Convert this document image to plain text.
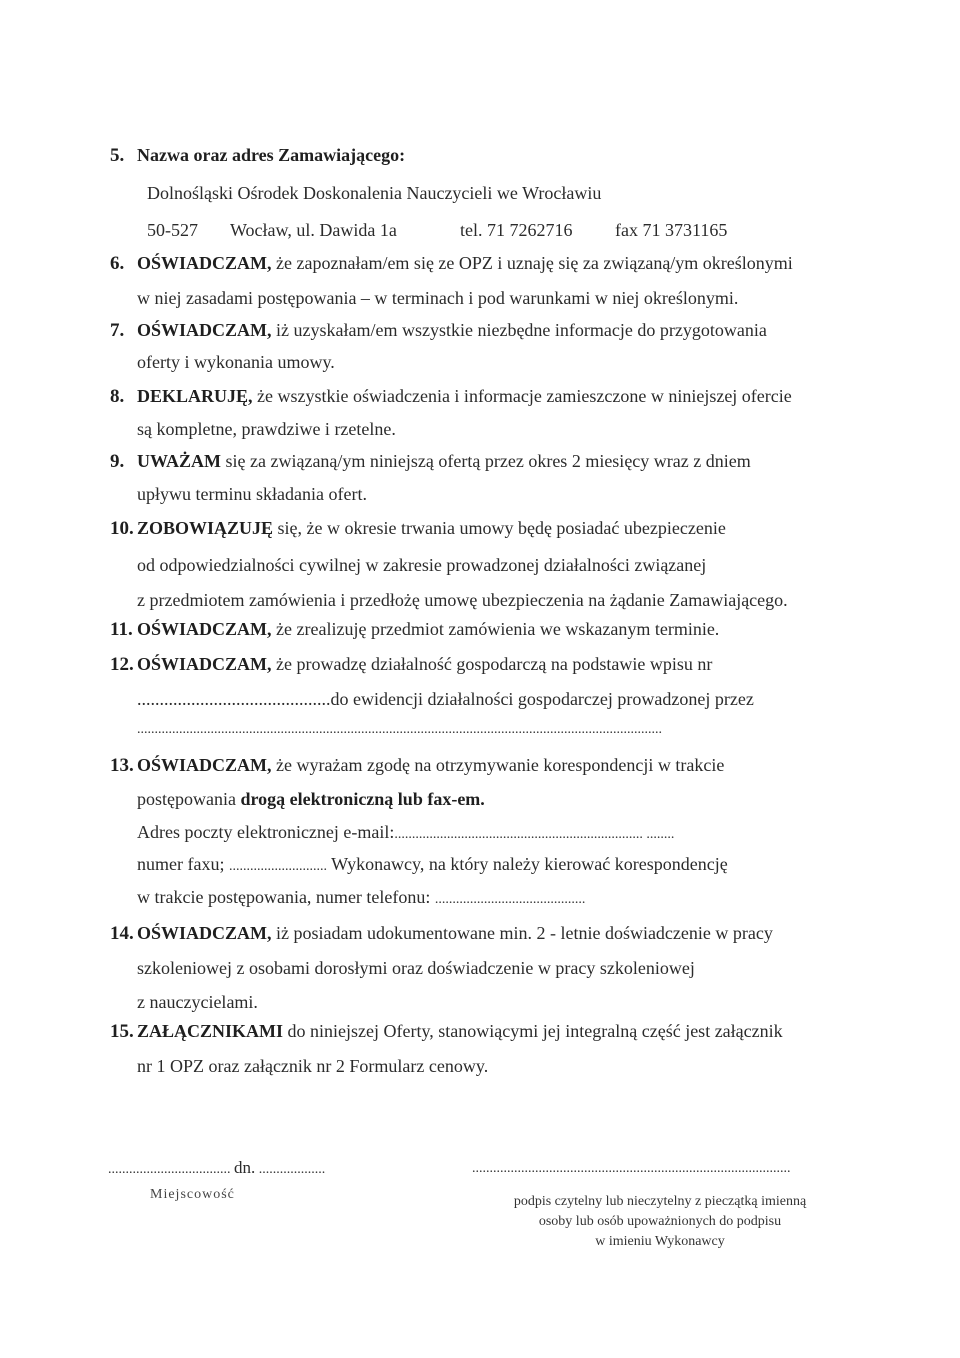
5. Nazwa oraz adres Zamawiającego:
Dolnośląski Ośrodek Doskonalenia Nauczycieli we Wrocławiu
50-527 Wocław, ul. Dawida 1a	tel. 71 7262716 fax 71 3731165
6. OŚWIADCZAM, że zapoznałam/em się ze OPZ i uznaję się za związaną/ym określonymi
w niej zasadami postępowania – w terminach i pod warunkami w niej określonymi.
7. OŚWIADCZAM, iż uzyskałam/em wszystkie niezbędne informacje do przygotowania
oferty i wykonania umowy.
8. DEKLARUJĘ, że wszystkie oświadczenia i informacje zamieszczone w niniejszej ofercie
są kompletne, prawdziwe i rzetelne.
9. UWAŻAM się za związaną/ym niniejszą ofertą przez okres 2 miesięcy wraz z dniem
upływu terminu składania ofert.
10. ZOBOWIĄZUJĘ się, że w okresie trwania umowy będę posiadać ubezpieczenie
od odpowiedzialności cywilnej w zakresie prowadzonej działalności związanej
z przedmiotem zamówienia i przedłożę umowę ubezpieczenia na żądanie Zamawiającego.
11. OŚWIADCZAM, że zrealizuję przedmiot zamówienia we wskazanym terminie.
12. OŚWIADCZAM, że prowadzę działalność gospodarczą na podstawie wpisu nr
...........................................do ewidencji działalności gospodarczej prowadzonej przez
......................................................................................................................................................
13. OŚWIADCZAM, że wyrażam zgodę na otrzymywanie korespondencji w trakcie
postępowania drogą elektroniczną lub fax-em.
Adres poczty elektronicznej e-mail:....................................................................... ........
numer faxu; ............................ Wykonawcy, na który należy kierować korespondencję
w trakcie postępowania, numer telefonu: ...........................................
14. OŚWIADCZAM, iż posiadam udokumentowane min. 2 - letnie doświadczenie w pracy
szkoleniowej z osobami dorosłymi oraz doświadczenie w pracy szkoleniowej
z nauczycielami.
15. ZAŁĄCZNIKAMI do niniejszej Oferty, stanowiącymi jej integralną część jest załącznik
nr 1 OPZ oraz załącznik nr 2 Formularz cenowy.
................................... dn. ...................
Miejscowość
...........................................................................................
podpis czytelny lub nieczytelny z pieczątką imienną
osoby lub osób upoważnionych do podpisu
w imieniu Wykonawcy
